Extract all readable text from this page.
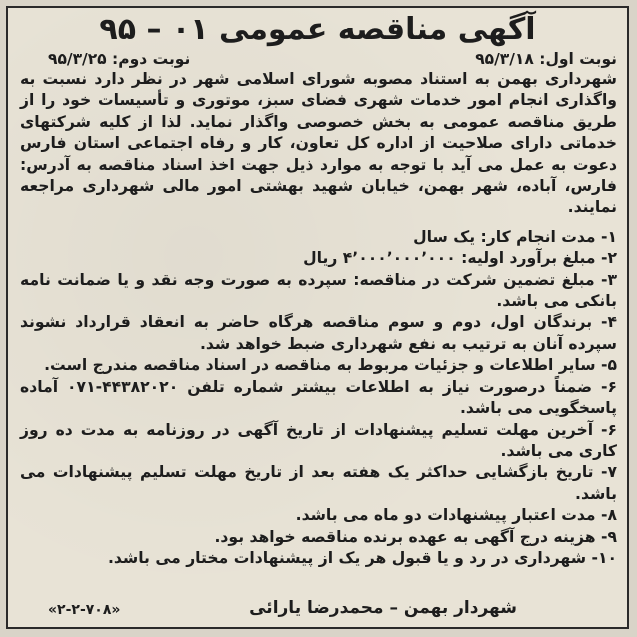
آگهی مناقصه عمومی ۰۱ – ۹۵
نوبت اول: ۹۵/۳/۱۸
نوبت دوم: ۹۵/۳/۲۵

شهرداری بهمن به استناد مصوبه شورای اسلامی شهر در نظر دارد نسبت به واگذاری انجام امور خدمات شهری فضای سبز، موتوری و تأسیسات خود را از طریق مناقصه عمومی به بخش خصوصی واگذار نماید. لذا از کلیه شرکتهای خدماتی دارای صلاحیت از اداره کل تعاون، کار و رفاه اجتماعی استان فارس دعوت به عمل می آید با توجه به موارد ذیل جهت اخذ اسناد مناقصه به آدرس: فارس، آباده، شهر بهمن، خیابان شهید بهشتی امور مالی شهرداری مراجعه نمایند.

۱- مدت انجام کار: یک سال

۲- مبلغ برآورد اولیه: ۴٬۰۰۰٬۰۰۰٬۰۰۰ ریال

۳- مبلغ تضمین شرکت در مناقصه: سپرده به صورت وجه نقد و یا ضمانت نامه بانکی می باشد.

۴- برندگان اول، دوم و سوم مناقصه هرگاه حاضر به انعقاد قرارداد نشوند سپرده آنان به ترتیب به نفع شهرداری ضبط خواهد شد.

۵- سایر اطلاعات و جزئیات مربوط به مناقصه در اسناد مناقصه مندرج است.

۶- ضمناً درصورت نیاز به اطلاعات بیشتر شماره تلفن ۴۴۳۸۲۰۲۰-۰۷۱ آماده پاسخگویی می باشد.

۶- آخرین مهلت تسلیم پیشنهادات از تاریخ آگهی در روزنامه به مدت ده روز کاری می باشد.

۷- تاریخ بازگشایی حداکثر یک هفته بعد از تاریخ مهلت تسلیم پیشنهادات می باشد.

۸- مدت اعتبار پیشنهادات دو ماه می باشد.

۹- هزینه درج آگهی به عهده برنده مناقصه خواهد بود.

۱۰- شهرداری در رد و یا قبول هر یک از پیشنهادات مختار می باشد.

شهردار بهمن – محمدرضا یارائی
«۲-۲-۷۰۸»
